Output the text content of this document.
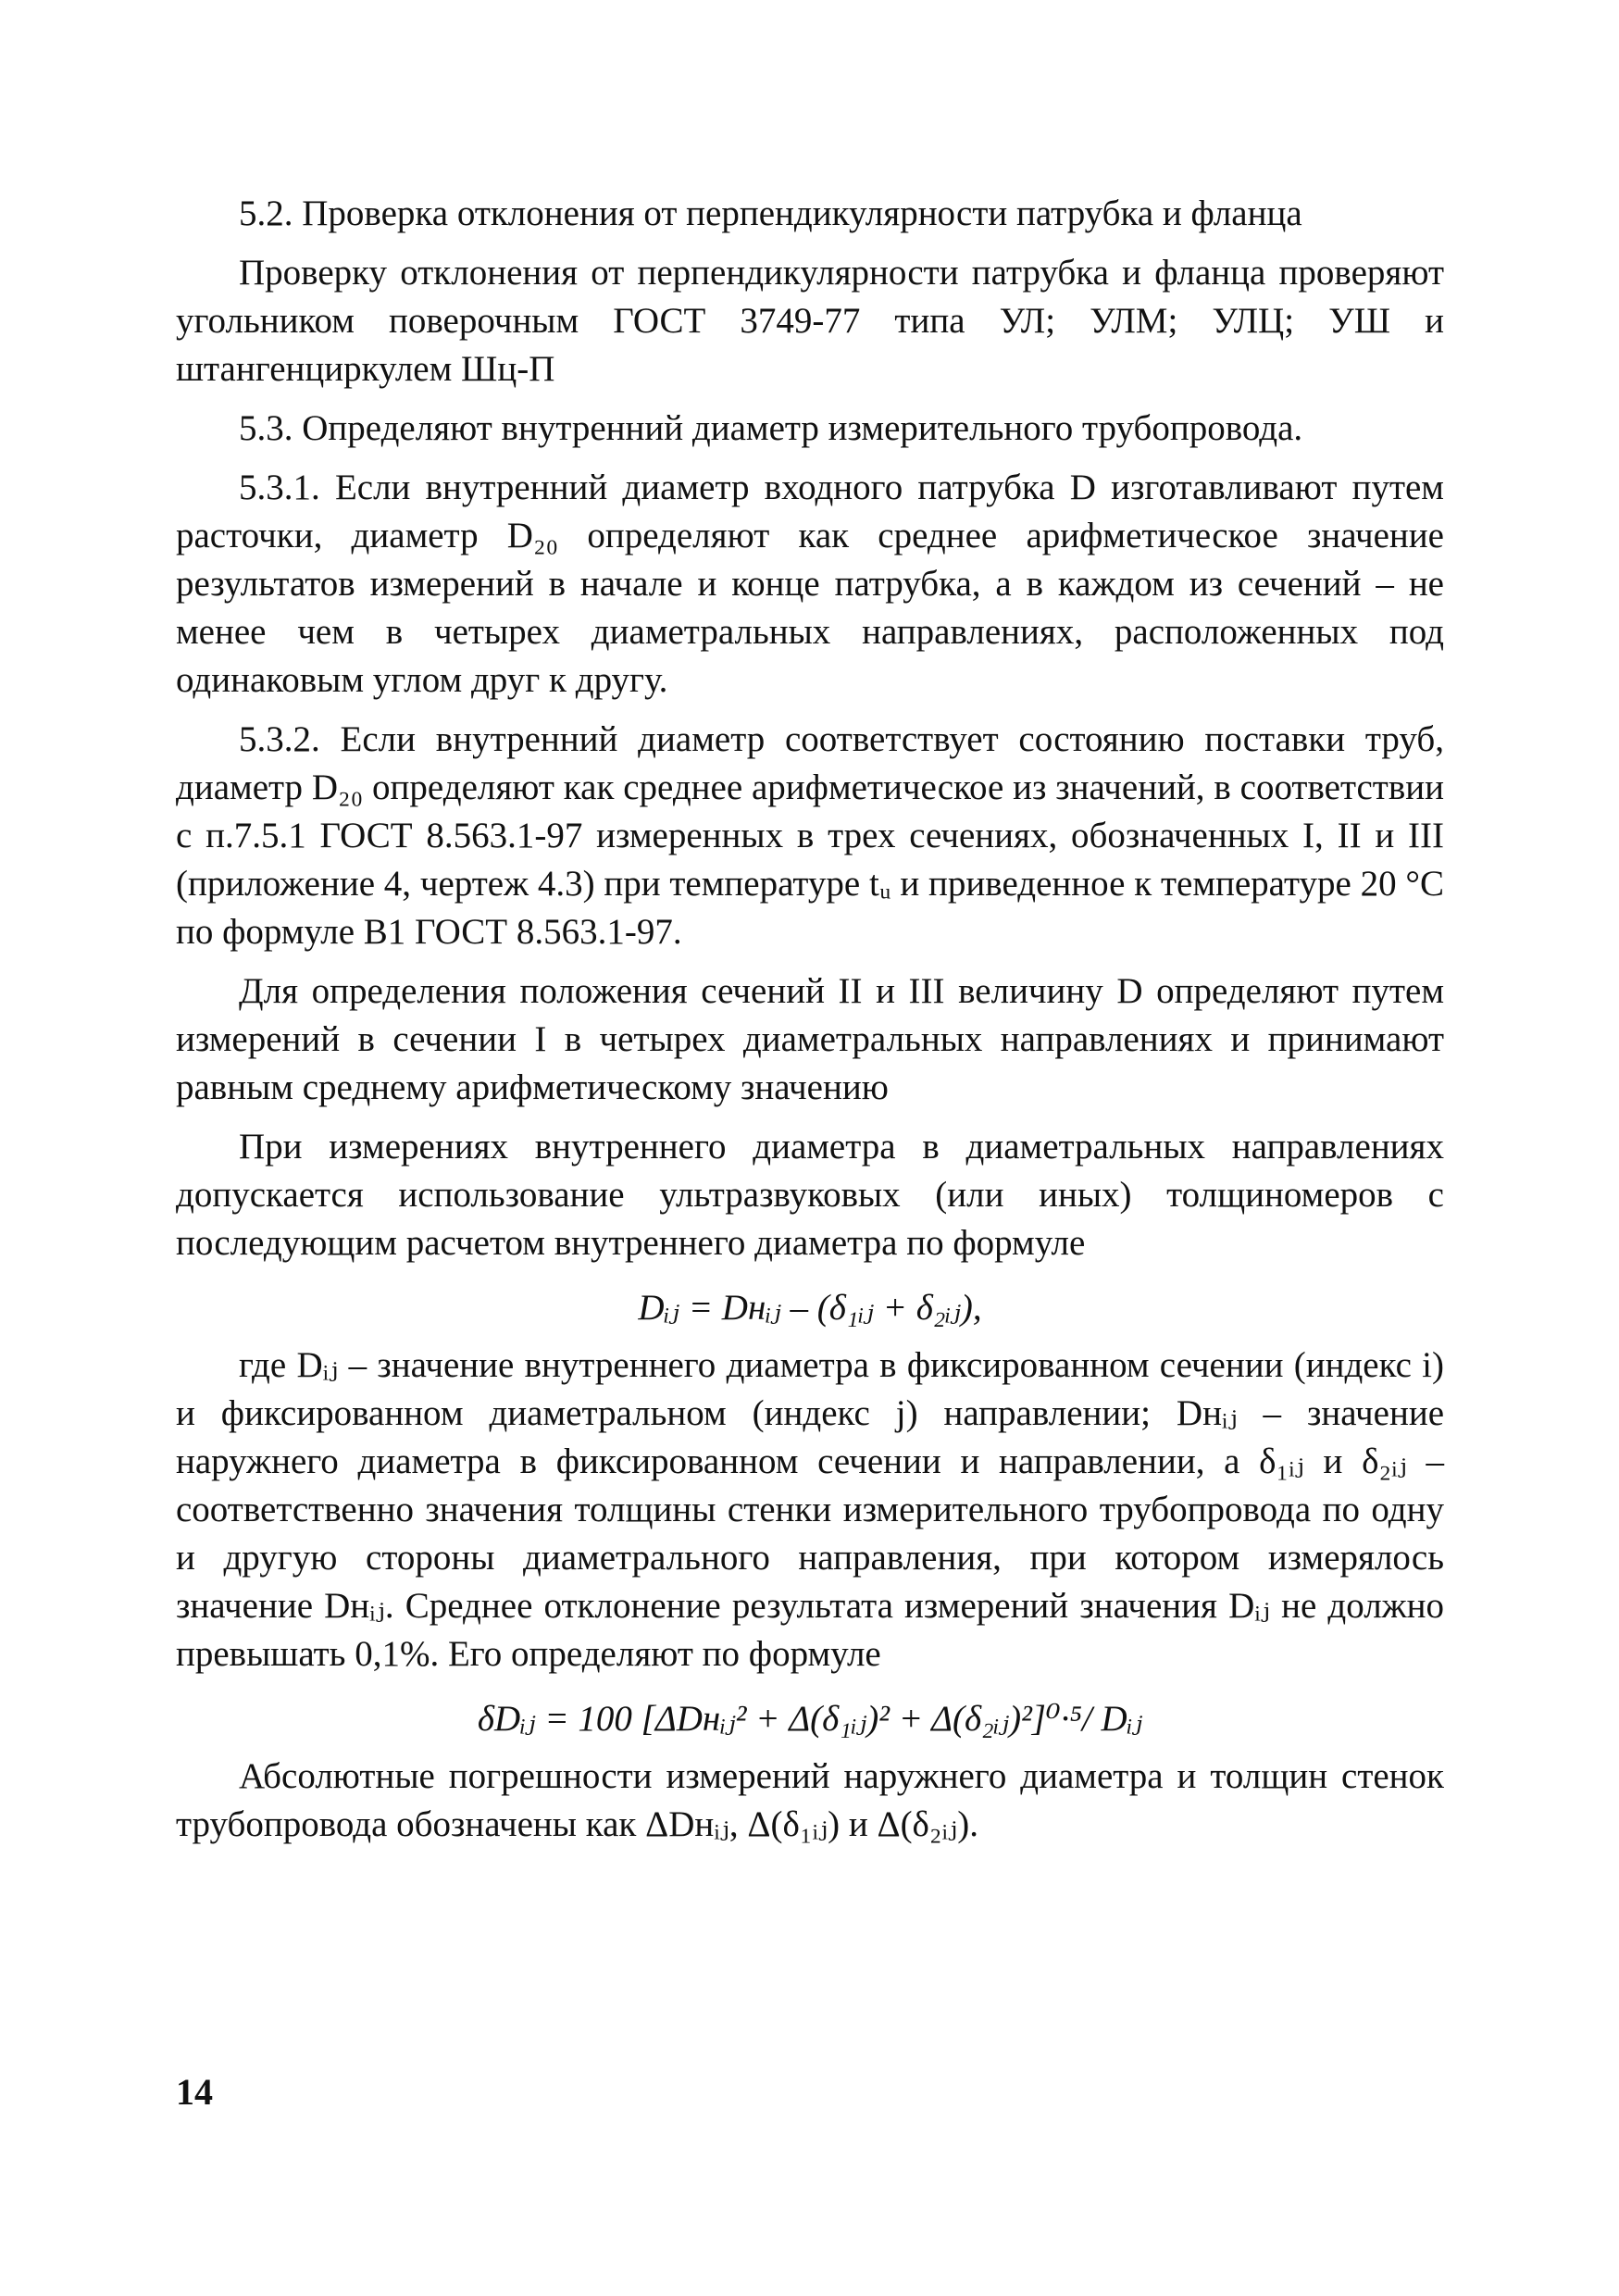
5.2. Проверка отклонения от перпендикулярности патрубка и фланца

Проверку отклонения от перпендикулярности патрубка и фланца проверяют угольником поверочным ГОСТ 3749-77 типа УЛ; УЛМ; УЛЦ; УШ и штангенциркулем Шц-П

5.3. Определяют внутренний диаметр измерительного трубопровода.

5.3.1. Если внутренний диаметр входного патрубка D изготавливают путем расточки, диаметр D₂₀ определяют как среднее арифметическое значение результатов измерений в начале и конце патрубка, а в каждом из сечений – не менее чем в четырех диаметральных направлениях, расположенных под одинаковым углом друг к другу.

5.3.2. Если внутренний диаметр соответствует состоянию поставки труб, диаметр D₂₀ определяют как среднее арифметическое из значений, в соответствии с п.7.5.1 ГОСТ 8.563.1-97 измеренных в трех сечениях, обозначенных I, II и III (приложение 4, чертеж 4.3) при температуре tᵤ и приведенное к температуре 20 °С по формуле В1 ГОСТ 8.563.1-97.

Для определения положения сечений II и III величину D определяют путем измерений в сечении I в четырех диаметральных направлениях и принимают равным среднему арифметическому значению

При измерениях внутреннего диаметра в диаметральных направлениях допускается использование ультразвуковых (или иных) толщиномеров с последующим расчетом внутреннего диаметра по формуле

Dᵢⱼ = Dнᵢⱼ – (δ₁ᵢⱼ + δ₂ᵢⱼ),

где Dᵢⱼ – значение внутреннего диаметра в фиксированном сечении (индекс i) и фиксированном диаметральном (индекс j) направлении; Dнᵢⱼ – значение наружнего диаметра в фиксированном сечении и направлении, а δ₁ᵢⱼ и δ₂ᵢⱼ – соответственно значения толщины стенки измерительного трубопровода по одну и другую стороны диаметрального направления, при котором измерялось значение Dнᵢⱼ. Среднее отклонение результата измерений значения Dᵢⱼ не должно превышать 0,1%. Его определяют по формуле

δDᵢⱼ = 100 [ΔDнᵢⱼ² + Δ(δ₁ᵢⱼ)² + Δ(δ₂ᵢⱼ)²]⁰·⁵/ Dᵢⱼ

Абсолютные погрешности измерений наружнего диаметра и толщин стенок трубопровода обозначены как ΔDнᵢⱼ, Δ(δ₁ᵢⱼ) и Δ(δ₂ᵢⱼ).

14
